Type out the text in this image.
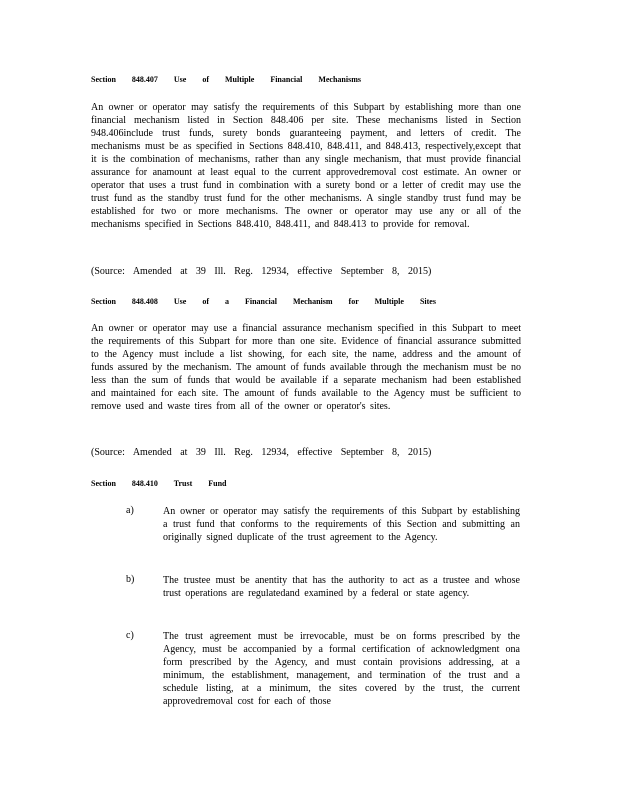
Section 848.407 Use of Multiple Financial Mechanisms
An owner or operator may satisfy the requirements of this Subpart by establishing more than one financial mechanism listed in Section 848.406 per site. These mechanisms listed in Section 948.406include trust funds, surety bonds guaranteeing payment, and letters of credit. The mechanisms must be as specified in Sections 848.410, 848.411, and 848.413, respectively,except that it is the combination of mechanisms, rather than any single mechanism, that must provide financial assurance for anamount at least equal to the current approvedremoval cost estimate. An owner or operator that uses a trust fund in combination with a surety bond or a letter of credit may use the trust fund as the standby trust fund for the other mechanisms. A single standby trust fund may be established for two or more mechanisms. The owner or operator may use any or all of the mechanisms specified in Sections 848.410, 848.411, and 848.413 to provide for removal.
(Source: Amended at 39 Ill. Reg. 12934, effective September 8, 2015)
Section 848.408 Use of a Financial Mechanism for Multiple Sites
An owner or operator may use a financial assurance mechanism specified in this Subpart to meet the requirements of this Subpart for more than one site. Evidence of financial assurance submitted to the Agency must include a list showing, for each site, the name, address and the amount of funds assured by the mechanism. The amount of funds available through the mechanism must be no less than the sum of funds that would be available if a separate mechanism had been established and maintained for each site. The amount of funds available to the Agency must be sufficient to remove used and waste tires from all of the owner or operator's sites.
(Source: Amended at 39 Ill. Reg. 12934, effective September 8, 2015)
Section 848.410 Trust Fund
a)	An owner or operator may satisfy the requirements of this Subpart by establishing a trust fund that conforms to the requirements of this Section and submitting an originally signed duplicate of the trust agreement to the Agency.
b)	The trustee must be anentity that has the authority to act as a trustee and whose trust operations are regulatedand examined by a federal or state agency.
c)	The trust agreement must be irrevocable, must be on forms prescribed by the Agency, must be accompanied by a formal certification of acknowledgment ona form prescribed by the Agency, and must contain provisions addressing, at a minimum, the establishment, management, and termination of the trust and a schedule listing, at a minimum, the sites covered by the trust, the current approvedremoval cost for each of those
